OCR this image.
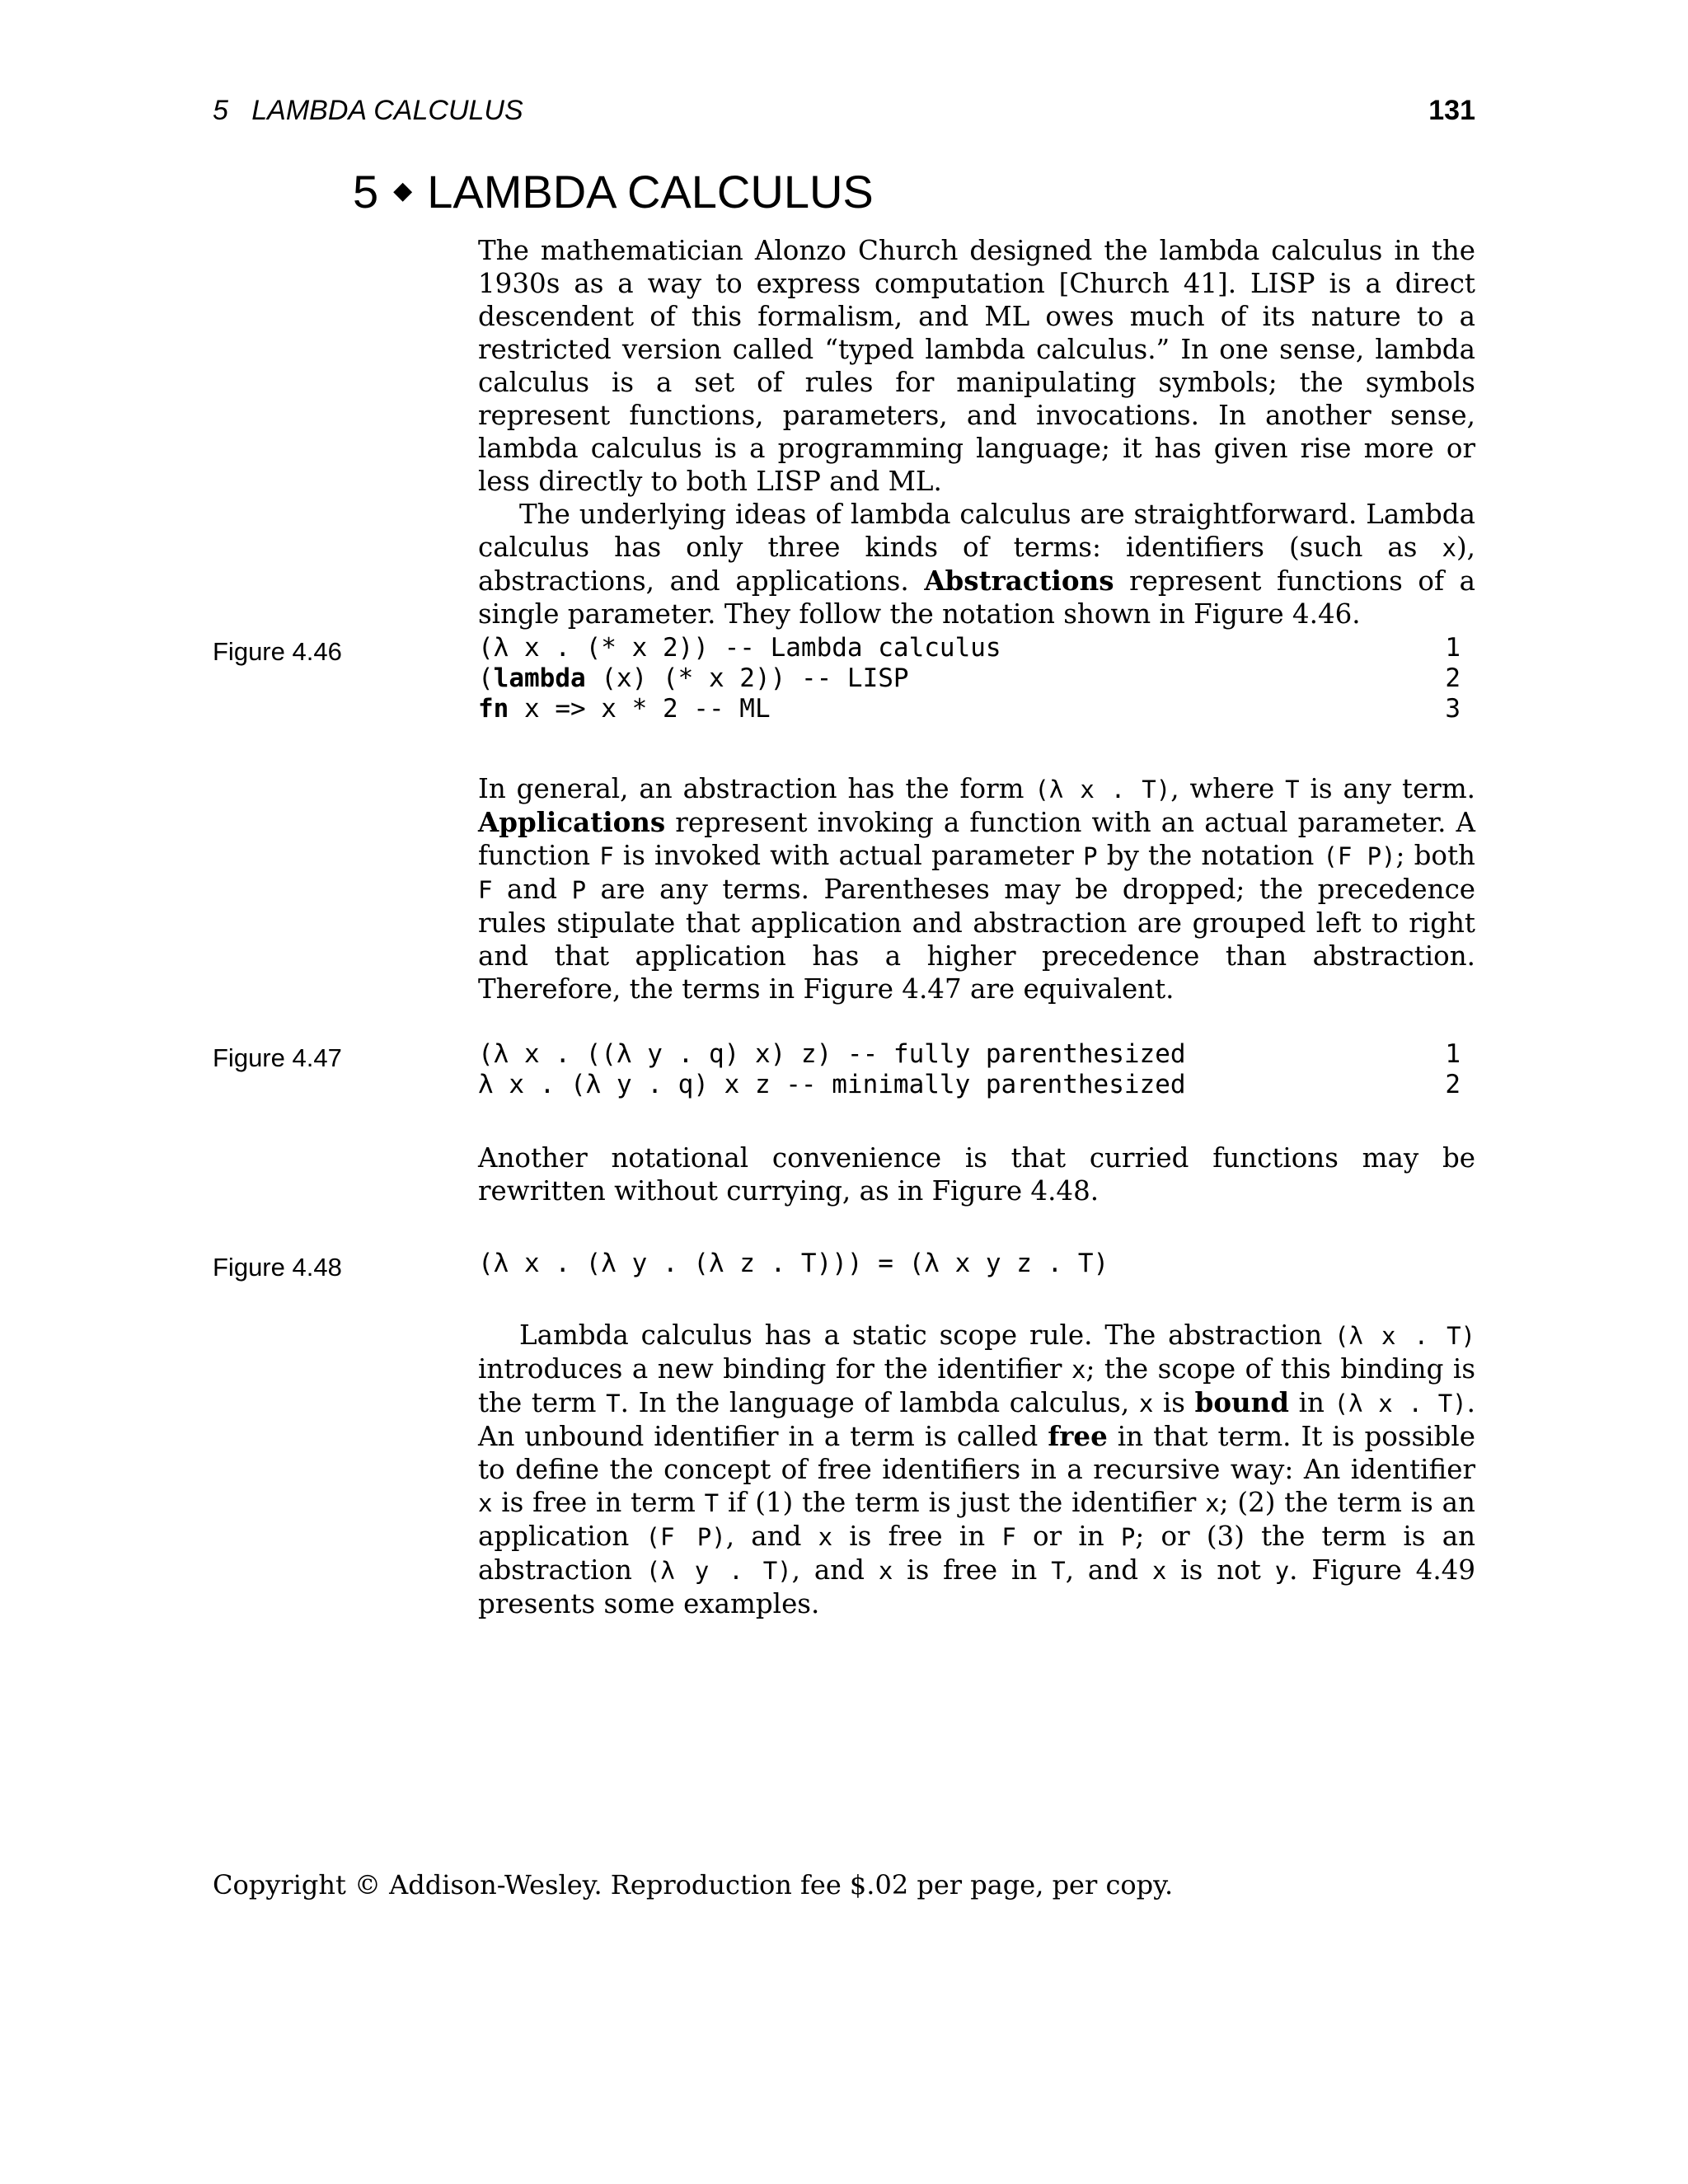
5   LAMBDA CALCULUS	131
5 ◆ LAMBDA CALCULUS

The mathematician Alonzo Church designed the lambda calculus in the 1930s as a way to express computation [Church 41]. LISP is a direct descendent of this formalism, and ML owes much of its nature to a restricted version called “typed lambda calculus.” In one sense, lambda calculus is a set of rules for manipulating symbols; the symbols represent functions, parameters, and invocations. In another sense, lambda calculus is a programming language; it has given rise more or less directly to both LISP and ML.
The underlying ideas of lambda calculus are straightforward. Lambda calculus has only three kinds of terms: identifiers (such as x), abstractions, and applications. Abstractions represent functions of a single parameter. They follow the notation shown in Figure 4.46.

Figure 4.46	(λ x . (* x 2)) -- Lambda calculus	1
(lambda (x) (* x 2)) -- LISP	2
fn x => x * 2 -- ML	3

In general, an abstraction has the form (λ x . T), where T is any term. Applications represent invoking a function with an actual parameter. A function F is invoked with actual parameter P by the notation (F P); both F and P are any terms. Parentheses may be dropped; the precedence rules stipulate that application and abstraction are grouped left to right and that application has a higher precedence than abstraction. Therefore, the terms in Figure 4.47 are equivalent.

Figure 4.47	(λ x . ((λ y . q) x) z) -- fully parenthesized	1
λ x . (λ y . q) x z -- minimally parenthesized	2

Another notational convenience is that curried functions may be rewritten without currying, as in Figure 4.48.

Figure 4.48	(λ x . (λ y . (λ z . T))) = (λ x y z . T)

Lambda calculus has a static scope rule. The abstraction (λ x . T) introduces a new binding for the identifier x; the scope of this binding is the term T. In the language of lambda calculus, x is bound in (λ x . T). An unbound identifier in a term is called free in that term. It is possible to define the concept of free identifiers in a recursive way: An identifier x is free in term T if (1) the term is just the identifier x; (2) the term is an application (F P), and x is free in F or in P; or (3) the term is an abstraction (λ y . T), and x is free in T, and x is not y. Figure 4.49 presents some examples.

Copyright © Addison-Wesley. Reproduction fee $.02 per page, per copy.
